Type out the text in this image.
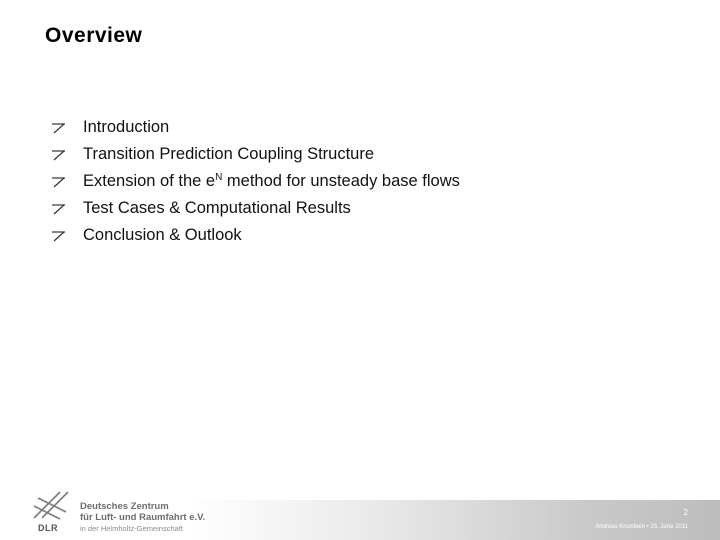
Overview
Introduction
Transition Prediction Coupling Structure
Extension of the $e^N$ method for unsteady base flows
Test Cases & Computational Results
Conclusion & Outlook
DLR
Deutsches Zentrum
für Luft- und Raumfahrt e.V.
in der Helmholtz-Gemeinschaft
2
Andreas Krumbein • 25. June 2011
